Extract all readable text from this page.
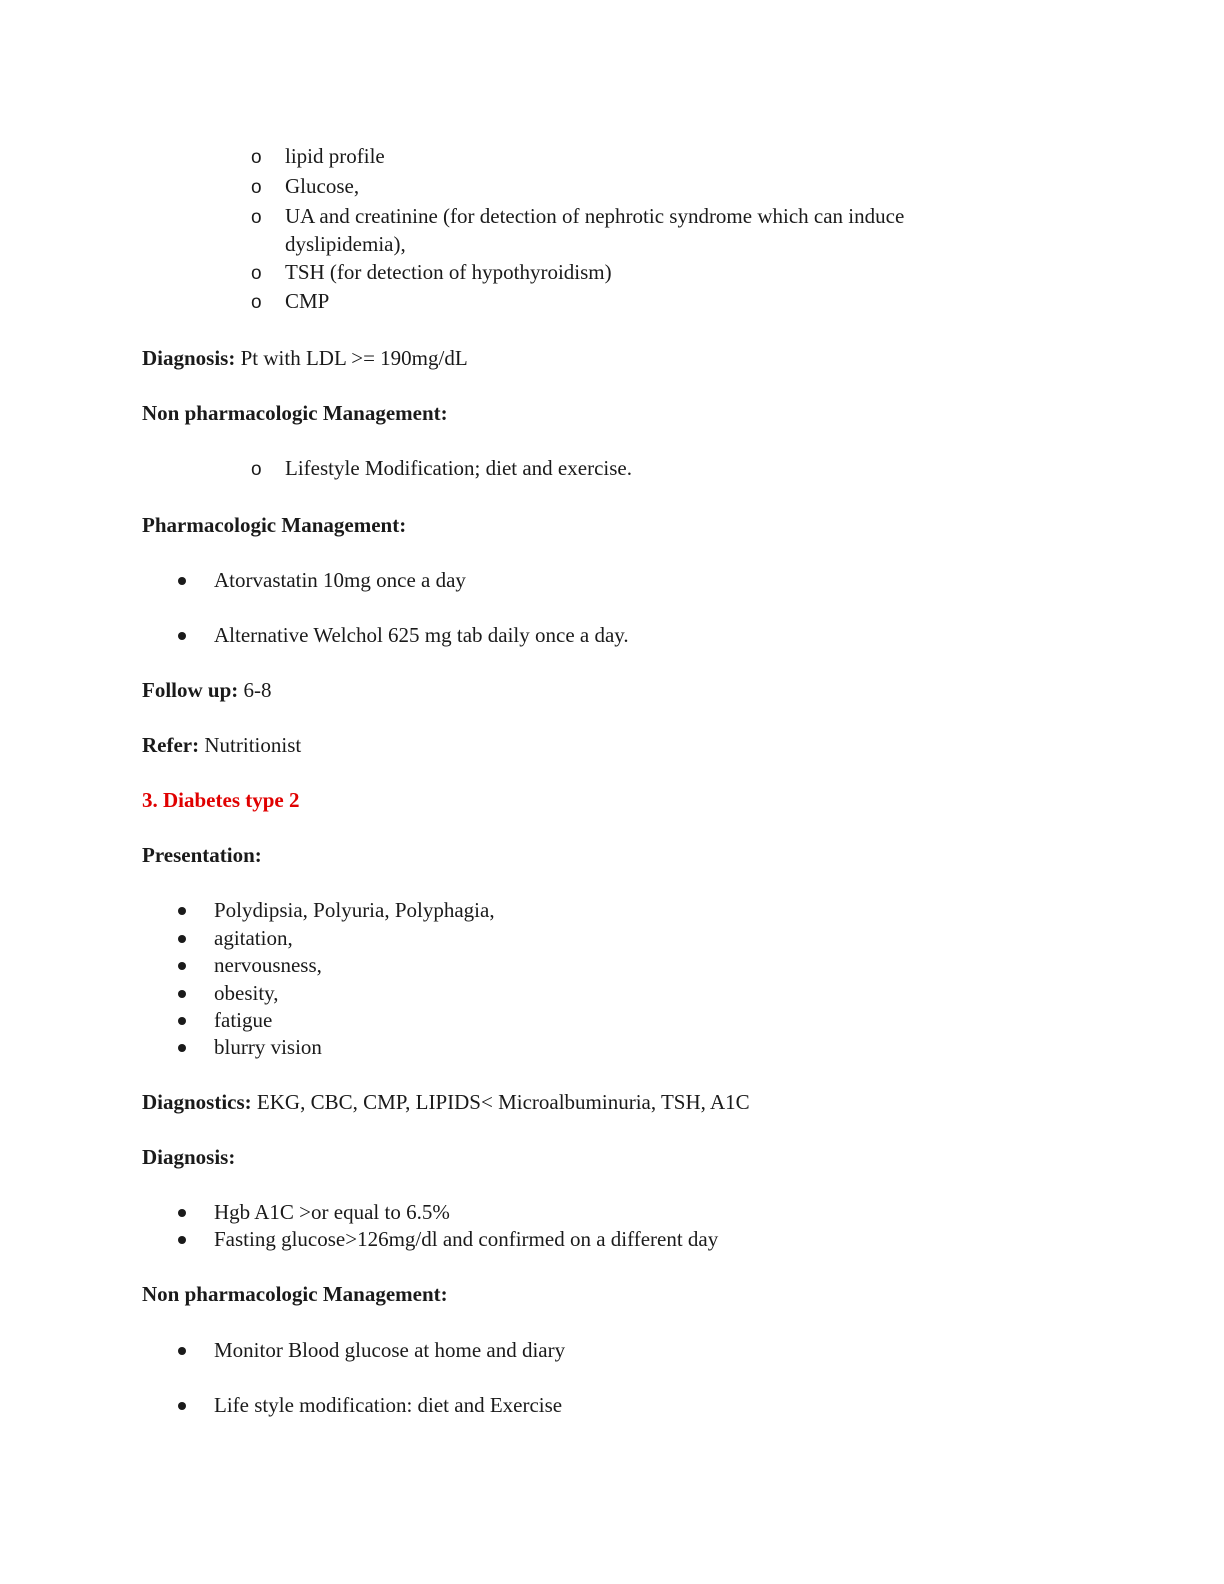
o	lipid profile
o	Glucose,
o	UA and creatinine (for detection of nephrotic syndrome which can induce
dyslipidemia),
o	TSH (for detection of hypothyroidism)
o	CMP
Diagnosis: Pt with LDL >= 190mg/dL
Non pharmacologic Management:
o	Lifestyle Modification; diet and exercise.
Pharmacologic Management:
Atorvastatin 10mg once a day
Alternative Welchol 625 mg tab daily once a day.
Follow up: 6-8
Refer: Nutritionist
3. Diabetes type 2
Presentation:
Polydipsia, Polyuria, Polyphagia,
agitation,
nervousness,
obesity,
fatigue
blurry vision
Diagnostics: EKG, CBC, CMP, LIPIDS< Microalbuminuria, TSH, A1C
Diagnosis:
Hgb A1C >or equal to 6.5%
Fasting glucose>126mg/dl and confirmed on a different day
Non pharmacologic Management:
Monitor Blood glucose at home and diary
Life style modification: diet and Exercise
